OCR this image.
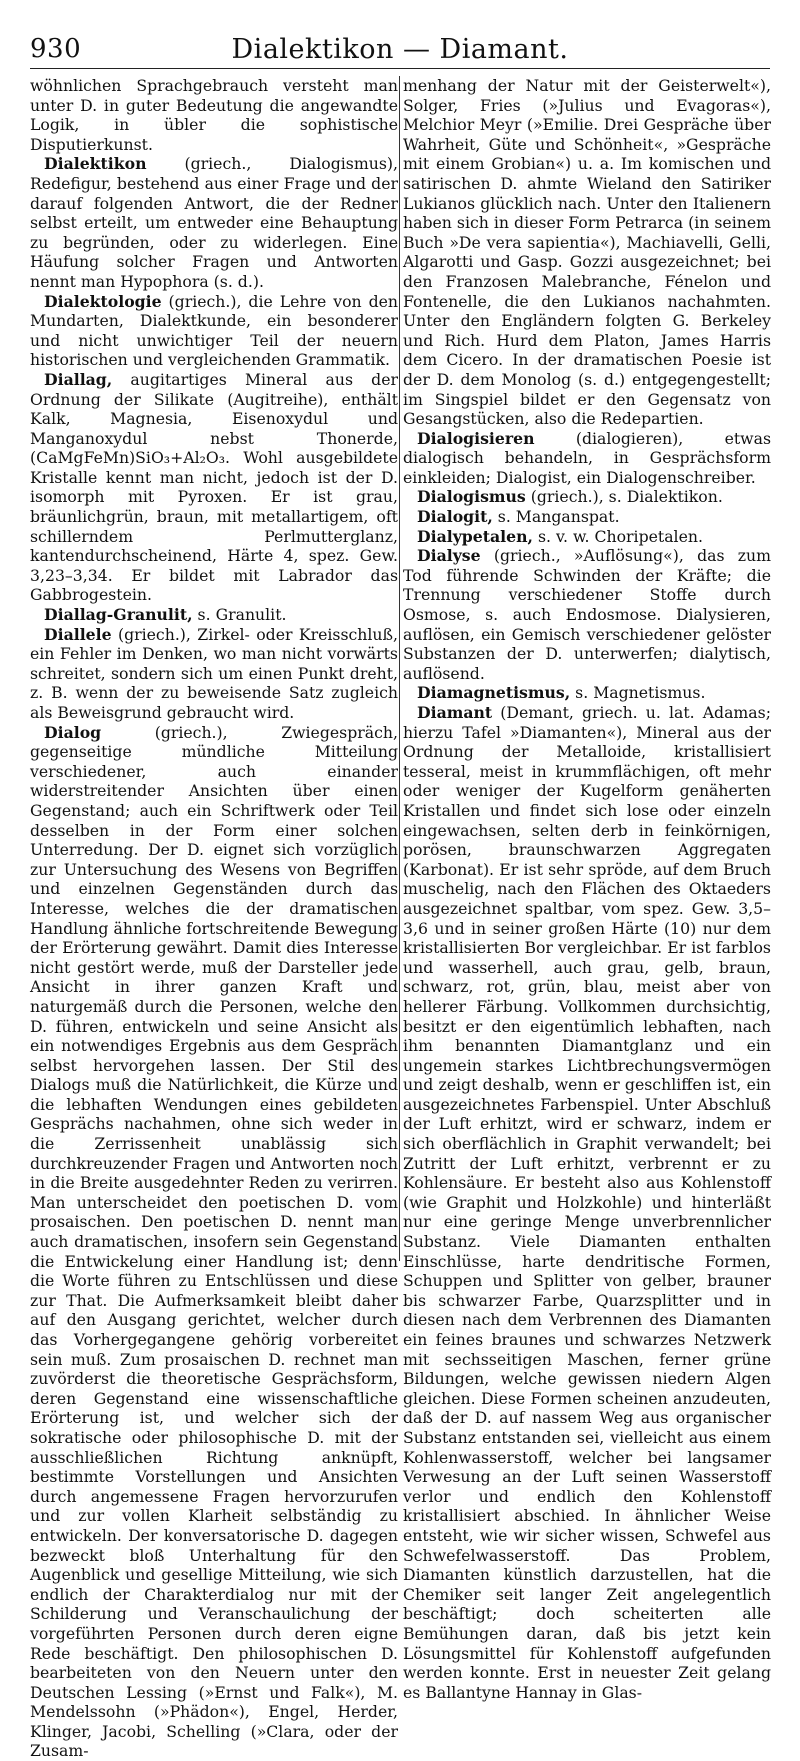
930	Dialektikon — Diamant.

wöhnlichen Sprachgebrauch versteht man unter D. in guter Bedeutung die angewandte Logik, in übler die sophistische Disputierkunst.

Dialektikon (griech., Dialogismus), Redefigur, bestehend aus einer Frage und der darauf folgenden Antwort, die der Redner selbst erteilt, um entweder eine Behauptung zu begründen, oder zu widerlegen. Eine Häufung solcher Fragen und Antworten nennt man Hypophora (s. d.).

Dialektologie (griech.), die Lehre von den Mundarten, Dialektkunde, ein besonderer und nicht unwichtiger Teil der neuern historischen und vergleichenden Grammatik.

Diallag, augitartiges Mineral aus der Ordnung der Silikate (Augitreihe), enthält Kalk, Magnesia, Eisenoxydul und Manganoxydul nebst Thonerde, (CaMgFeMn)SiO₃+Al₂O₃. Wohl ausgebildete Kristalle kennt man nicht, jedoch ist der D. isomorph mit Pyroxen. Er ist grau, bräunlichgrün, braun, mit metallartigem, oft schillerndem Perlmutterglanz, kantendurchscheinend, Härte 4, spez. Gew. 3,23–3,34. Er bildet mit Labrador das Gabbrogestein.

Diallag-Granulit, s. Granulit.

Diallele (griech.), Zirkel- oder Kreisschluß, ein Fehler im Denken, wo man nicht vorwärts schreitet, sondern sich um einen Punkt dreht, z. B. wenn der zu beweisende Satz zugleich als Beweisgrund gebraucht wird.

Dialog (griech.), Zwiegespräch, gegenseitige mündliche Mitteilung verschiedener, auch einander widerstreitender Ansichten über einen Gegenstand; auch ein Schriftwerk oder Teil desselben in der Form einer solchen Unterredung. Der D. eignet sich vorzüglich zur Untersuchung des Wesens von Begriffen und einzelnen Gegenständen durch das Interesse, welches die der dramatischen Handlung ähnliche fortschreitende Bewegung der Erörterung gewährt. Damit dies Interesse nicht gestört werde, muß der Darsteller jede Ansicht in ihrer ganzen Kraft und naturgemäß durch die Personen, welche den D. führen, entwickeln und seine Ansicht als ein notwendiges Ergebnis aus dem Gespräch selbst hervorgehen lassen. Der Stil des Dialogs muß die Natürlichkeit, die Kürze und die lebhaften Wendungen eines gebildeten Gesprächs nachahmen, ohne sich weder in die Zerrissenheit unablässig sich durchkreuzender Fragen und Antworten noch in die Breite ausgedehnter Reden zu verirren. Man unterscheidet den poetischen D. vom prosaischen. Den poetischen D. nennt man auch dramatischen, insofern sein Gegenstand die Entwickelung einer Handlung ist; denn die Worte führen zu Entschlüssen und diese zur That. Die Aufmerksamkeit bleibt daher auf den Ausgang gerichtet, welcher durch das Vorhergegangene gehörig vorbereitet sein muß. Zum prosaischen D. rechnet man zuvörderst die theoretische Gesprächsform, deren Gegenstand eine wissenschaftliche Erörterung ist, und welcher sich der sokratische oder philosophische D. mit der ausschließlichen Richtung anknüpft, bestimmte Vorstellungen und Ansichten durch angemessene Fragen hervorzurufen und zur vollen Klarheit selbständig zu entwickeln. Der konversatorische D. dagegen bezweckt bloß Unterhaltung für den Augenblick und gesellige Mitteilung, wie sich endlich der Charakterdialog nur mit der Schilderung und Veranschaulichung der vorgeführten Personen durch deren eigne Rede beschäftigt. Den philosophischen D. bearbeiteten von den Neuern unter den Deutschen Lessing (»Ernst und Falk«), M. Mendelssohn (»Phädon«), Engel, Herder, Klinger, Jacobi, Schelling (»Clara, oder der Zusam-

menhang der Natur mit der Geisterwelt«), Solger, Fries (»Julius und Evagoras«), Melchior Meyr (»Emilie. Drei Gespräche über Wahrheit, Güte und Schönheit«, »Gespräche mit einem Grobian«) u. a. Im komischen und satirischen D. ahmte Wieland den Satiriker Lukianos glücklich nach. Unter den Italienern haben sich in dieser Form Petrarca (in seinem Buch »De vera sapientia«), Machiavelli, Gelli, Algarotti und Gasp. Gozzi ausgezeichnet; bei den Franzosen Malebranche, Fénelon und Fontenelle, die den Lukianos nachahmten. Unter den Engländern folgten G. Berkeley und Rich. Hurd dem Platon, James Harris dem Cicero. In der dramatischen Poesie ist der D. dem Monolog (s. d.) entgegengestellt; im Singspiel bildet er den Gegensatz von Gesangstücken, also die Redepartien.

Dialogisieren (dialogieren), etwas dialogisch behandeln, in Gesprächsform einkleiden; Dialogist, ein Dialogenschreiber.

Dialogismus (griech.), s. Dialektikon.

Dialogit, s. Manganspat.

Dialypetalen, s. v. w. Choripetalen.

Dialyse (griech., »Auflösung«), das zum Tod führende Schwinden der Kräfte; die Trennung verschiedener Stoffe durch Osmose, s. auch Endosmose. Dialysieren, auflösen, ein Gemisch verschiedener gelöster Substanzen der D. unterwerfen; dialytisch, auflösend.

Diamagnetismus, s. Magnetismus.

Diamant (Demant, griech. u. lat. Adamas; hierzu Tafel »Diamanten«), Mineral aus der Ordnung der Metalloide, kristallisiert tesseral, meist in krummflächigen, oft mehr oder weniger der Kugelform genäherten Kristallen und findet sich lose oder einzeln eingewachsen, selten derb in feinkörnigen, porösen, braunschwarzen Aggregaten (Karbonat). Er ist sehr spröde, auf dem Bruch muschelig, nach den Flächen des Oktaeders ausgezeichnet spaltbar, vom spez. Gew. 3,5–3,6 und in seiner großen Härte (10) nur dem kristallisierten Bor vergleichbar. Er ist farblos und wasserhell, auch grau, gelb, braun, schwarz, rot, grün, blau, meist aber von hellerer Färbung. Vollkommen durchsichtig, besitzt er den eigentümlich lebhaften, nach ihm benannten Diamantglanz und ein ungemein starkes Lichtbrechungsvermögen und zeigt deshalb, wenn er geschliffen ist, ein ausgezeichnetes Farbenspiel. Unter Abschluß der Luft erhitzt, wird er schwarz, indem er sich oberflächlich in Graphit verwandelt; bei Zutritt der Luft erhitzt, verbrennt er zu Kohlensäure. Er besteht also aus Kohlenstoff (wie Graphit und Holzkohle) und hinterläßt nur eine geringe Menge unverbrennlicher Substanz. Viele Diamanten enthalten Einschlüsse, harte dendritische Formen, Schuppen und Splitter von gelber, brauner bis schwarzer Farbe, Quarzsplitter und in diesen nach dem Verbrennen des Diamanten ein feines braunes und schwarzes Netzwerk mit sechsseitigen Maschen, ferner grüne Bildungen, welche gewissen niedern Algen gleichen. Diese Formen scheinen anzudeuten, daß der D. auf nassem Weg aus organischer Substanz entstanden sei, vielleicht aus einem Kohlenwasserstoff, welcher bei langsamer Verwesung an der Luft seinen Wasserstoff verlor und endlich den Kohlenstoff kristallisiert abschied. In ähnlicher Weise entsteht, wie wir sicher wissen, Schwefel aus Schwefelwasserstoff. Das Problem, Diamanten künstlich darzustellen, hat die Chemiker seit langer Zeit angelegentlich beschäftigt; doch scheiterten alle Bemühungen daran, daß bis jetzt kein Lösungsmittel für Kohlenstoff aufgefunden werden konnte. Erst in neuester Zeit gelang es Ballantyne Hannay in Glas-
